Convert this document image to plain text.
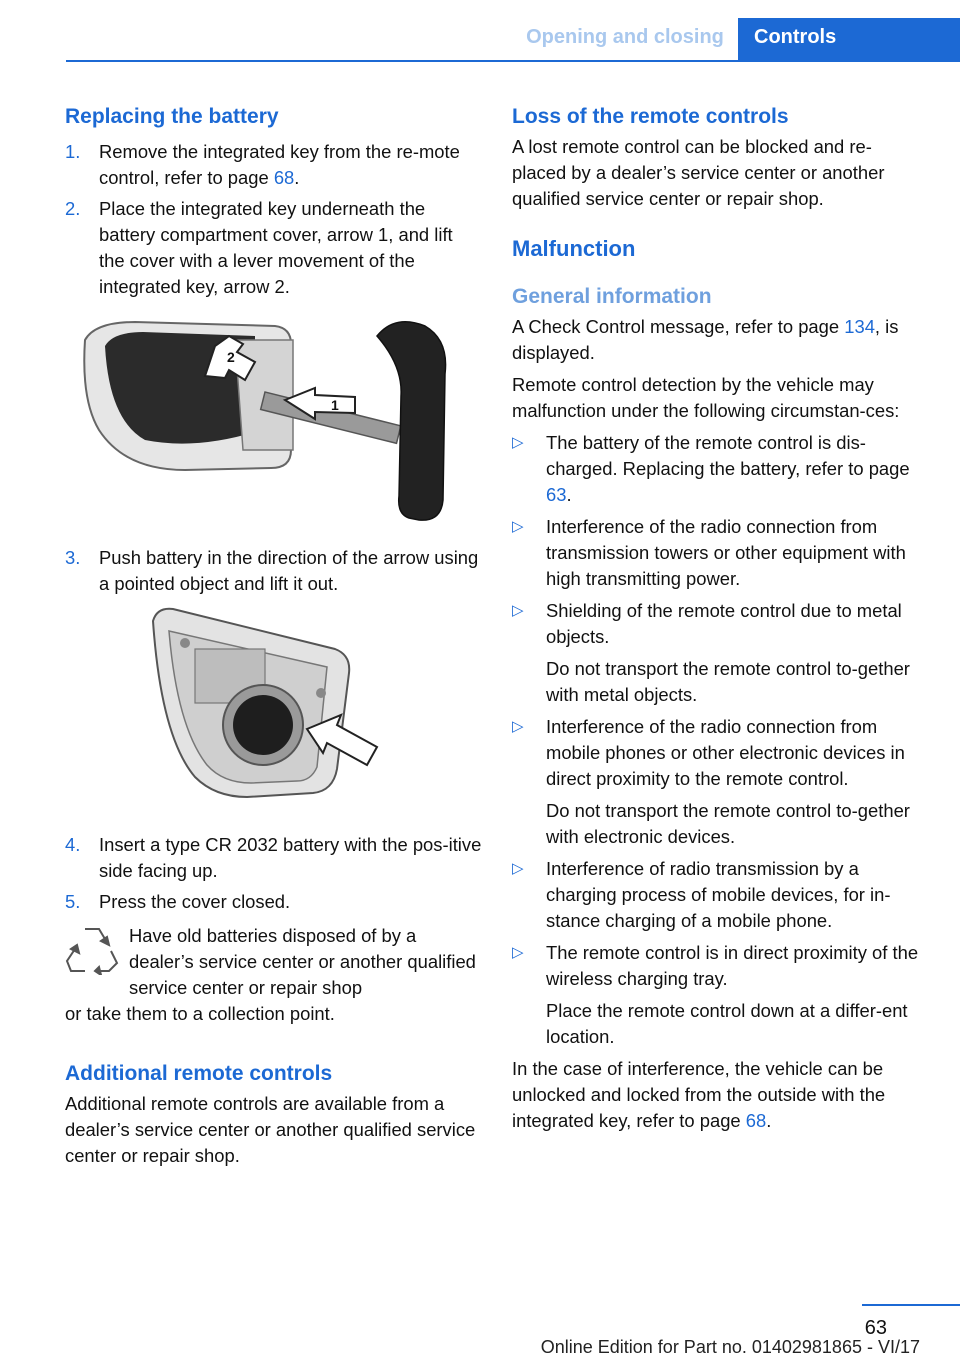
Opening and closing	Controls
Replacing the battery
1.	Remove the integrated key from the re‐mote control, refer to page 68.
2.	Place the integrated key underneath the battery compartment cover, arrow 1, and lift the cover with a lever movement of the integrated key, arrow 2.
1
2
3.	Push battery in the direction of the arrow using a pointed object and lift it out.
4.	Insert a type CR 2032 battery with the pos‐itive side facing up.
5.	Press the cover closed.
Have old batteries disposed of by a dealer’s service center or another qualified service center or repair shop
or take them to a collection point.
Additional remote controls

Additional remote controls are available from a dealer’s service center or another qualified service center or repair shop.

Loss of the remote controls

A lost remote control can be blocked and re‐placed by a dealer’s service center or another qualified service center or repair shop.

Malfunction
General information

A Check Control message, refer to page 134, is displayed.

Remote control detection by the vehicle may malfunction under the following circumstan‐ces:

▷	The battery of the remote control is dis‐charged. Replacing the battery, refer to page 63.
▷	Interference of the radio connection from transmission towers or other equipment with high transmitting power.
▷	Shielding of the remote control due to metal objects.
Do not transport the remote control to‐gether with metal objects.
▷	Interference of the radio connection from mobile phones or other electronic devices in direct proximity to the remote control.
Do not transport the remote control to‐gether with electronic devices.
▷	Interference of radio transmission by a charging process of mobile devices, for in‐stance charging of a mobile phone.
▷	The remote control is in direct proximity of the wireless charging tray.
Place the remote control down at a differ‐ent location.

In the case of interference, the vehicle can be unlocked and locked from the outside with the integrated key, refer to page 68.

63
Online Edition for Part no. 01402981865 - VI/17
